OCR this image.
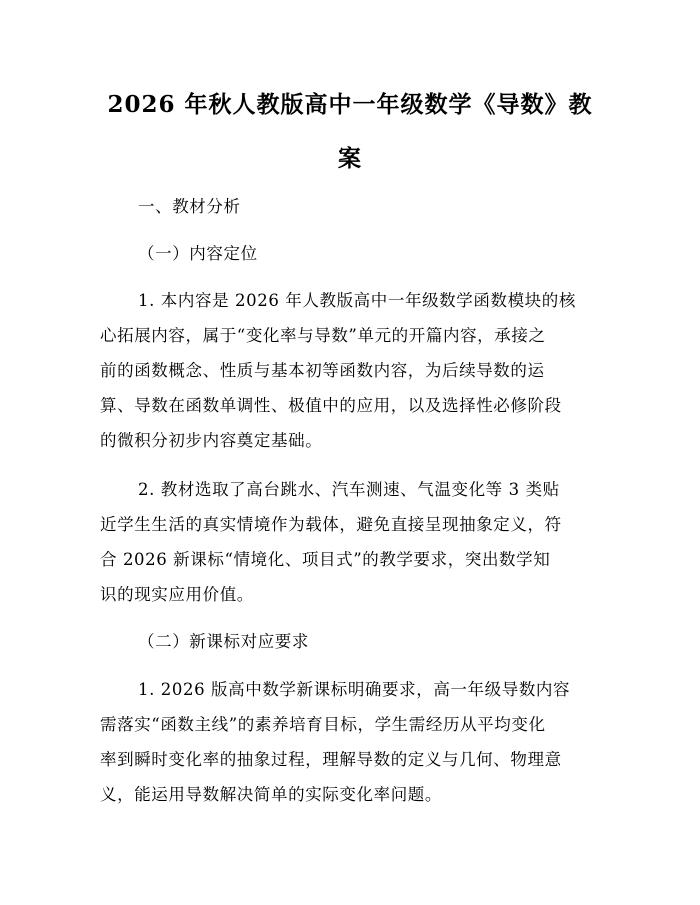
2026 年秋人教版高中一年级数学《导数》教
案

一、教材分析

（一）内容定位

1. 本内容是 2026 年人教版高中一年级数学函数模块的核

心拓展内容，属于“变化率与导数”单元的开篇内容，承接之

前的函数概念、性质与基本初等函数内容，为后续导数的运

算、导数在函数单调性、极值中的应用，以及选择性必修阶段

的微积分初步内容奠定基础。

2. 教材选取了高台跳水、汽车测速、气温变化等 3 类贴

近学生生活的真实情境作为载体，避免直接呈现抽象定义，符

合 2026 新课标“情境化、项目式”的教学要求，突出数学知

识的现实应用价值。

（二）新课标对应要求

1. 2026 版高中数学新课标明确要求，高一年级导数内容

需落实“函数主线”的素养培育目标，学生需经历从平均变化

率到瞬时变化率的抽象过程，理解导数的定义与几何、物理意

义，能运用导数解决简单的实际变化率问题。
